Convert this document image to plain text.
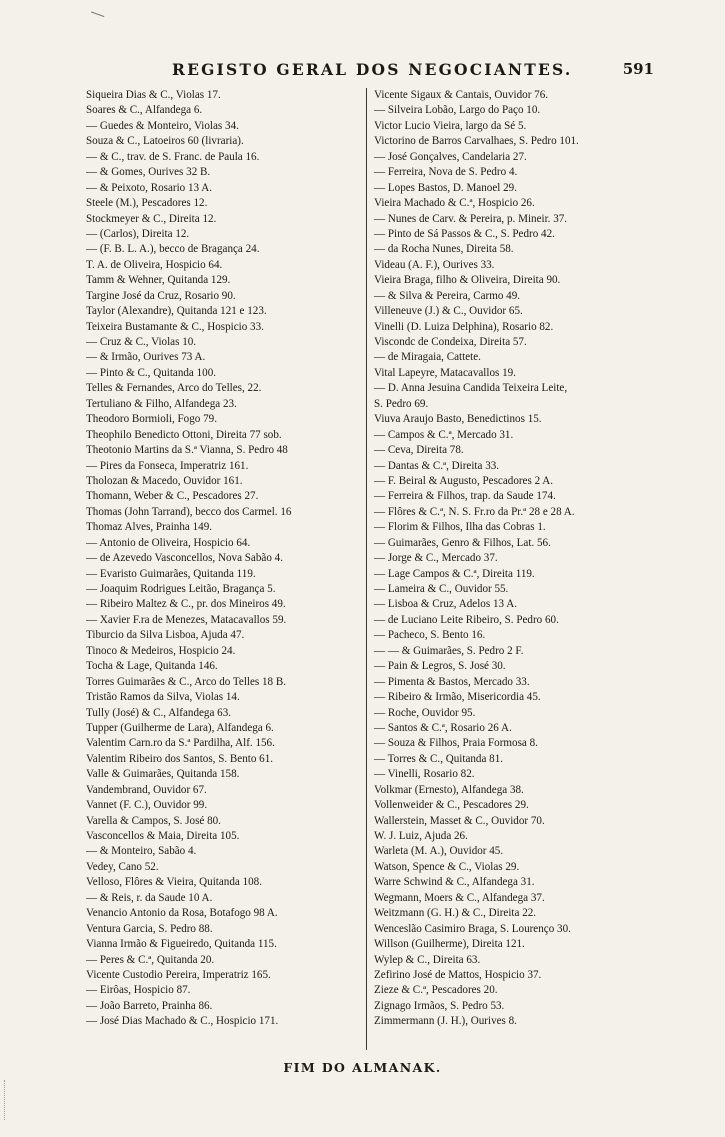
REGISTO GERAL DOS NEGOCIANTES.	591
Siqueira Dias & C., Violas 17.
Soares & C., Alfandega 6.
— Guedes & Monteiro, Violas 34.
Souza & C., Latoeiros 60 (livraria).
— & C., trav. de S. Franc. de Paula 16.
— & Gomes, Ourives 32 B.
— & Peixoto, Rosario 13 A.
Steele (M.), Pescadores 12.
Stockmeyer & C., Direita 12.
— (Carlos), Direita 12.
— (F. B. L. A.), becco de Bragança 24.
T. A. de Oliveira, Hospicio 64.
Tamm & Wehner, Quitanda 129.
Targine José da Cruz, Rosario 90.
Taylor (Alexandre), Quitanda 121 e 123.
Teixeira Bustamante & C., Hospicio 33.
— Cruz & C., Violas 10.
— & Irmão, Ourives 73 A.
— Pinto & C., Quitanda 100.
Telles & Fernandes, Arco do Telles, 22.
Tertuliano & Filho, Alfandega 23.
Theodoro Bormioli, Fogo 79.
Theophilo Benedicto Ottoni, Direita 77 sob.
Theotonio Martins da S.ª Vianna, S. Pedro 48
— Pires da Fonseca, Imperatriz 161.
Tholozan & Macedo, Ouvidor 161.
Thomann, Weber & C., Pescadores 27.
Thomas (John Tarrand), becco dos Carmel. 16
Thomaz Alves, Prainha 149.
— Antonio de Oliveira, Hospicio 64.
— de Azevedo Vasconcellos, Nova Sabão 4.
— Evaristo Guimarães, Quitanda 119.
— Joaquim Rodrigues Leitão, Bragança 5.
— Ribeiro Maltez & C., pr. dos Mineiros 49.
— Xavier F.ra de Menezes, Matacavallos 59.
Tiburcio da Silva Lisboa, Ajuda 47.
Tinoco & Medeiros, Hospicio 24.
Tocha & Lage, Quitanda 146.
Torres Guimarães & C., Arco do Telles 18 B.
Tristão Ramos da Silva, Violas 14.
Tully (José) & C., Alfandega 63.
Tupper (Guilherme de Lara), Alfandega 6.
Valentim Carn.ro da S.ª Pardilha, Alf. 156.
Valentim Ribeiro dos Santos, S. Bento 61.
Valle & Guimarães, Quitanda 158.
Vandembrand, Ouvidor 67.
Vannet (F. C.), Ouvidor 99.
Varella & Campos, S. José 80.
Vasconcellos & Maia, Direita 105.
— & Monteiro, Sabão 4.
Vedey, Cano 52.
Velloso, Flôres & Vieira, Quitanda 108.
— & Reis, r. da Saude 10 A.
Venancio Antonio da Rosa, Botafogo 98 A.
Ventura Garcia, S. Pedro 88.
Vianna Irmão & Figueiredo, Quitanda 115.
— Peres & C.ª, Quitanda 20.
Vicente Custodio Pereira, Imperatriz 165.
— Eirôas, Hospicio 87.
— João Barreto, Prainha 86.
— José Dias Machado & C., Hospicio 171.
Vicente Sigaux & Cantais, Ouvidor 76.
— Silveira Lobão, Largo do Paço 10.
Victor Lucio Vieira, largo da Sé 5.
Victorino de Barros Carvalhaes, S. Pedro 101.
— José Gonçalves, Candelaria 27.
— Ferreira, Nova de S. Pedro 4.
— Lopes Bastos, D. Manoel 29.
Vieira Machado & C.ª, Hospicio 26.
— Nunes de Carv. & Pereira, p. Mineir. 37.
— Pinto de Sá Passos & C., S. Pedro 42.
— da Rocha Nunes, Direita 58.
Videau (A. F.), Ourives 33.
Vieira Braga, filho & Oliveira, Direita 90.
— & Silva & Pereira, Carmo 49.
Villeneuve (J.) & C., Ouvidor 65.
Vinelli (D. Luiza Delphina), Rosario 82.
Viscondc de Condeixa, Direita 57.
— de Miragaia, Cattete.
Vital Lapeyre, Matacavallos 19.
— D. Anna Jesuina Candida Teixeira Leite,
S. Pedro 69.
Viuva Araujo Basto, Benedictinos 15.
— Campos & C.ª, Mercado 31.
— Ceva, Direita 78.
— Dantas & C.ª, Direita 33.
— F. Beiral & Augusto, Pescadores 2 A.
— Ferreira & Filhos, trap. da Saude 174.
— Flôres & C.ª, N. S. Fr.ro da Pr.ª 28 e 28 A.
— Florim & Filhos, Ilha das Cobras 1.
— Guimarães, Genro & Filhos, Lat. 56.
— Jorge & C., Mercado 37.
— Lage Campos & C.ª, Direita 119.
— Lameira & C., Ouvidor 55.
— Lisboa & Cruz, Adelos 13 A.
— de Luciano Leite Ribeiro, S. Pedro 60.
— Pacheco, S. Bento 16.
— — & Guimarães, S. Pedro 2 F.
— Pain & Legros, S. José 30.
— Pimenta & Bastos, Mercado 33.
— Ribeiro & Irmão, Misericordia 45.
— Roche, Ouvidor 95.
— Santos & C.ª, Rosario 26 A.
— Souza & Filhos, Praia Formosa 8.
— Torres & C., Quitanda 81.
— Vinelli, Rosario 82.
Volkmar (Ernesto), Alfandega 38.
Vollenweider & C., Pescadores 29.
Wallerstein, Masset & C., Ouvidor 70.
W. J. Luiz, Ajuda 26.
Warleta (M. A.), Ouvidor 45.
Watson, Spence & C., Violas 29.
Warre Schwind & C., Alfandega 31.
Wegmann, Moers & C., Alfandega 37.
Weitzmann (G. H.) & C., Direita 22.
Wenceslão Casimiro Braga, S. Lourenço 30.
Willson (Guilherme), Direita 121.
Wylep & C., Direita 63.
Zefirino José de Mattos, Hospicio 37.
Zieze & C.ª, Pescadores 20.
Zignago Irmãos, S. Pedro 53.
Zimmermann (J. H.), Ourives 8.
FIM DO ALMANAK.
